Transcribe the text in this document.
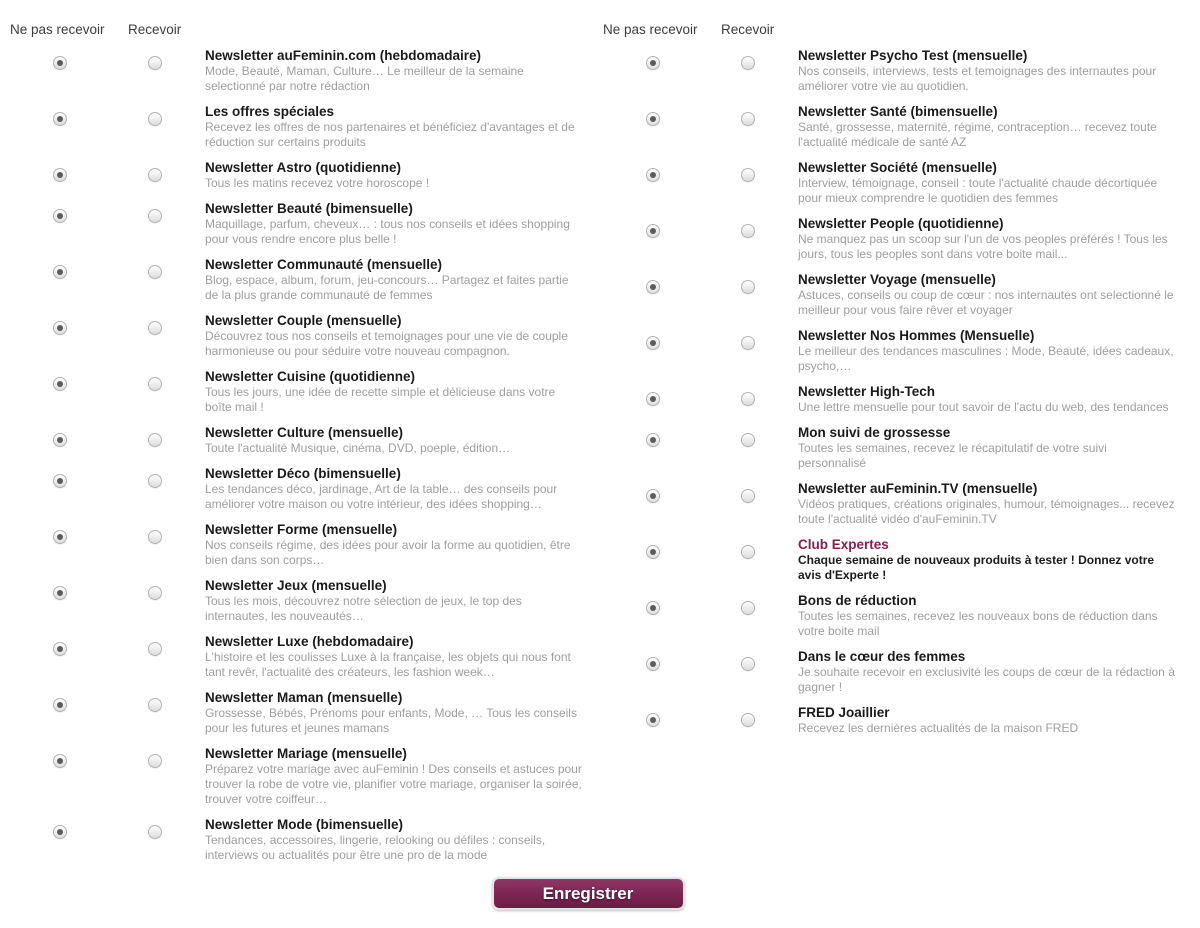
Ne pas recevoir	Recevoir
Newsletter auFeminin.com (hebdomadaire)
Mode, Beauté, Maman, Culture… Le meilleur de la semaine selectionné par notre rédaction
Les offres spéciales
Recevez les offres de nos partenaires et bénéficiez d'avantages et de réduction sur certains produits
Newsletter Astro (quotidienne)
Tous les matins recevez votre horoscope !
Newsletter Beauté (bimensuelle)
Maquillage, parfum, cheveux… : tous nos conseils et idées shopping pour vous rendre encore plus belle !
Newsletter Communauté (mensuelle)
Blog, espace, album, forum, jeu-concours… Partagez et faites partie de la plus grande communauté de femmes
Newsletter Couple (mensuelle)
Découvrez tous nos conseils et temoignages pour une vie de couple harmonieuse ou pour séduire votre nouveau compagnon.
Newsletter Cuisine (quotidienne)
Tous les jours, une idée de recette simple et délicieuse dans votre boîte mail !
Newsletter Culture (mensuelle)
Toute l'actualité Musique, cinéma, DVD, poeple, édition…
Newsletter Déco (bimensuelle)
Les tendances déco, jardinage, Art de la table… des conseils pour améliorer votre maison ou votre intérieur, des idées shopping…
Newsletter Forme (mensuelle)
Nos conseils régime, des idées pour avoir la forme au quotidien, être bien dans son corps…
Newsletter Jeux (mensuelle)
Tous les mois, découvrez notre sélection de jeux, le top des internautes, les nouveautés…
Newsletter Luxe (hebdomadaire)
L'histoire et les coulisses Luxe à la française, les objets qui nous font tant revêr, l'actualité des créateurs, les fashion week…
Newsletter Maman (mensuelle)
Grossesse, Bébés, Prénoms pour enfants, Mode, … Tous les conseils pour les futures et jeunes mamans
Newsletter Mariage (mensuelle)
Préparez votre mariage avec auFeminin ! Des conseils et astuces pour trouver la robe de votre vie, planifier votre mariage, organiser la soirée, trouver votre coiffeur…
Newsletter Mode (bimensuelle)
Tendances, accessoires, lingerie, relooking ou défiles : conseils, interviews ou actualités pour être une pro de la mode
Ne pas recevoir	Recevoir
Newsletter Psycho Test (mensuelle)
Nos conseils, interviews, tests et temoignages des internautes pour améliorer votre vie au quotidien.
Newsletter Santé (bimensuelle)
Santé, grossesse, maternité, régime, contraception… recevez toute l'actualité médicale de santé AZ
Newsletter Société (mensuelle)
Interview, témoignage, conseil : toute l'actualité chaude décortiquée pour mieux comprendre le quotidien des femmes
Newsletter People (quotidienne)
Ne manquez pas un scoop sur l'un de vos peoples préférés ! Tous les jours, tous les peoples sont dans votre boite mail...
Newsletter Voyage (mensuelle)
Astuces, conseils ou coup de cœur : nos internautes ont selectionné le meilleur pour vous faire rêver et voyager
Newsletter Nos Hommes (Mensuelle)
Le meilleur des tendances masculines : Mode, Beauté, idées cadeaux, psycho,…
Newsletter High-Tech
Une lettre mensuelle pour tout savoir de l'actu du web, des tendances
Mon suivi de grossesse
Toutes les semaines, recevez le récapitulatif de votre suivi personnalisé
Newsletter auFeminin.TV (mensuelle)
Vidéos pratiques, créations originales, humour, témoignages... recevez toute l'actualité vidéo d'auFeminin.TV
Club Expertes
Chaque semaine de nouveaux produits à tester ! Donnez votre avis d'Experte !
Bons de réduction
Toutes les semaines, recevez les nouveaux bons de réduction dans votre boite mail
Dans le cœur des femmes
Je souhaite recevoir en exclusivité les coups de cœur de la rédaction à gagner !
FRED Joaillier
Recevez les dernières actualités de la maison FRED
Enregistrer
